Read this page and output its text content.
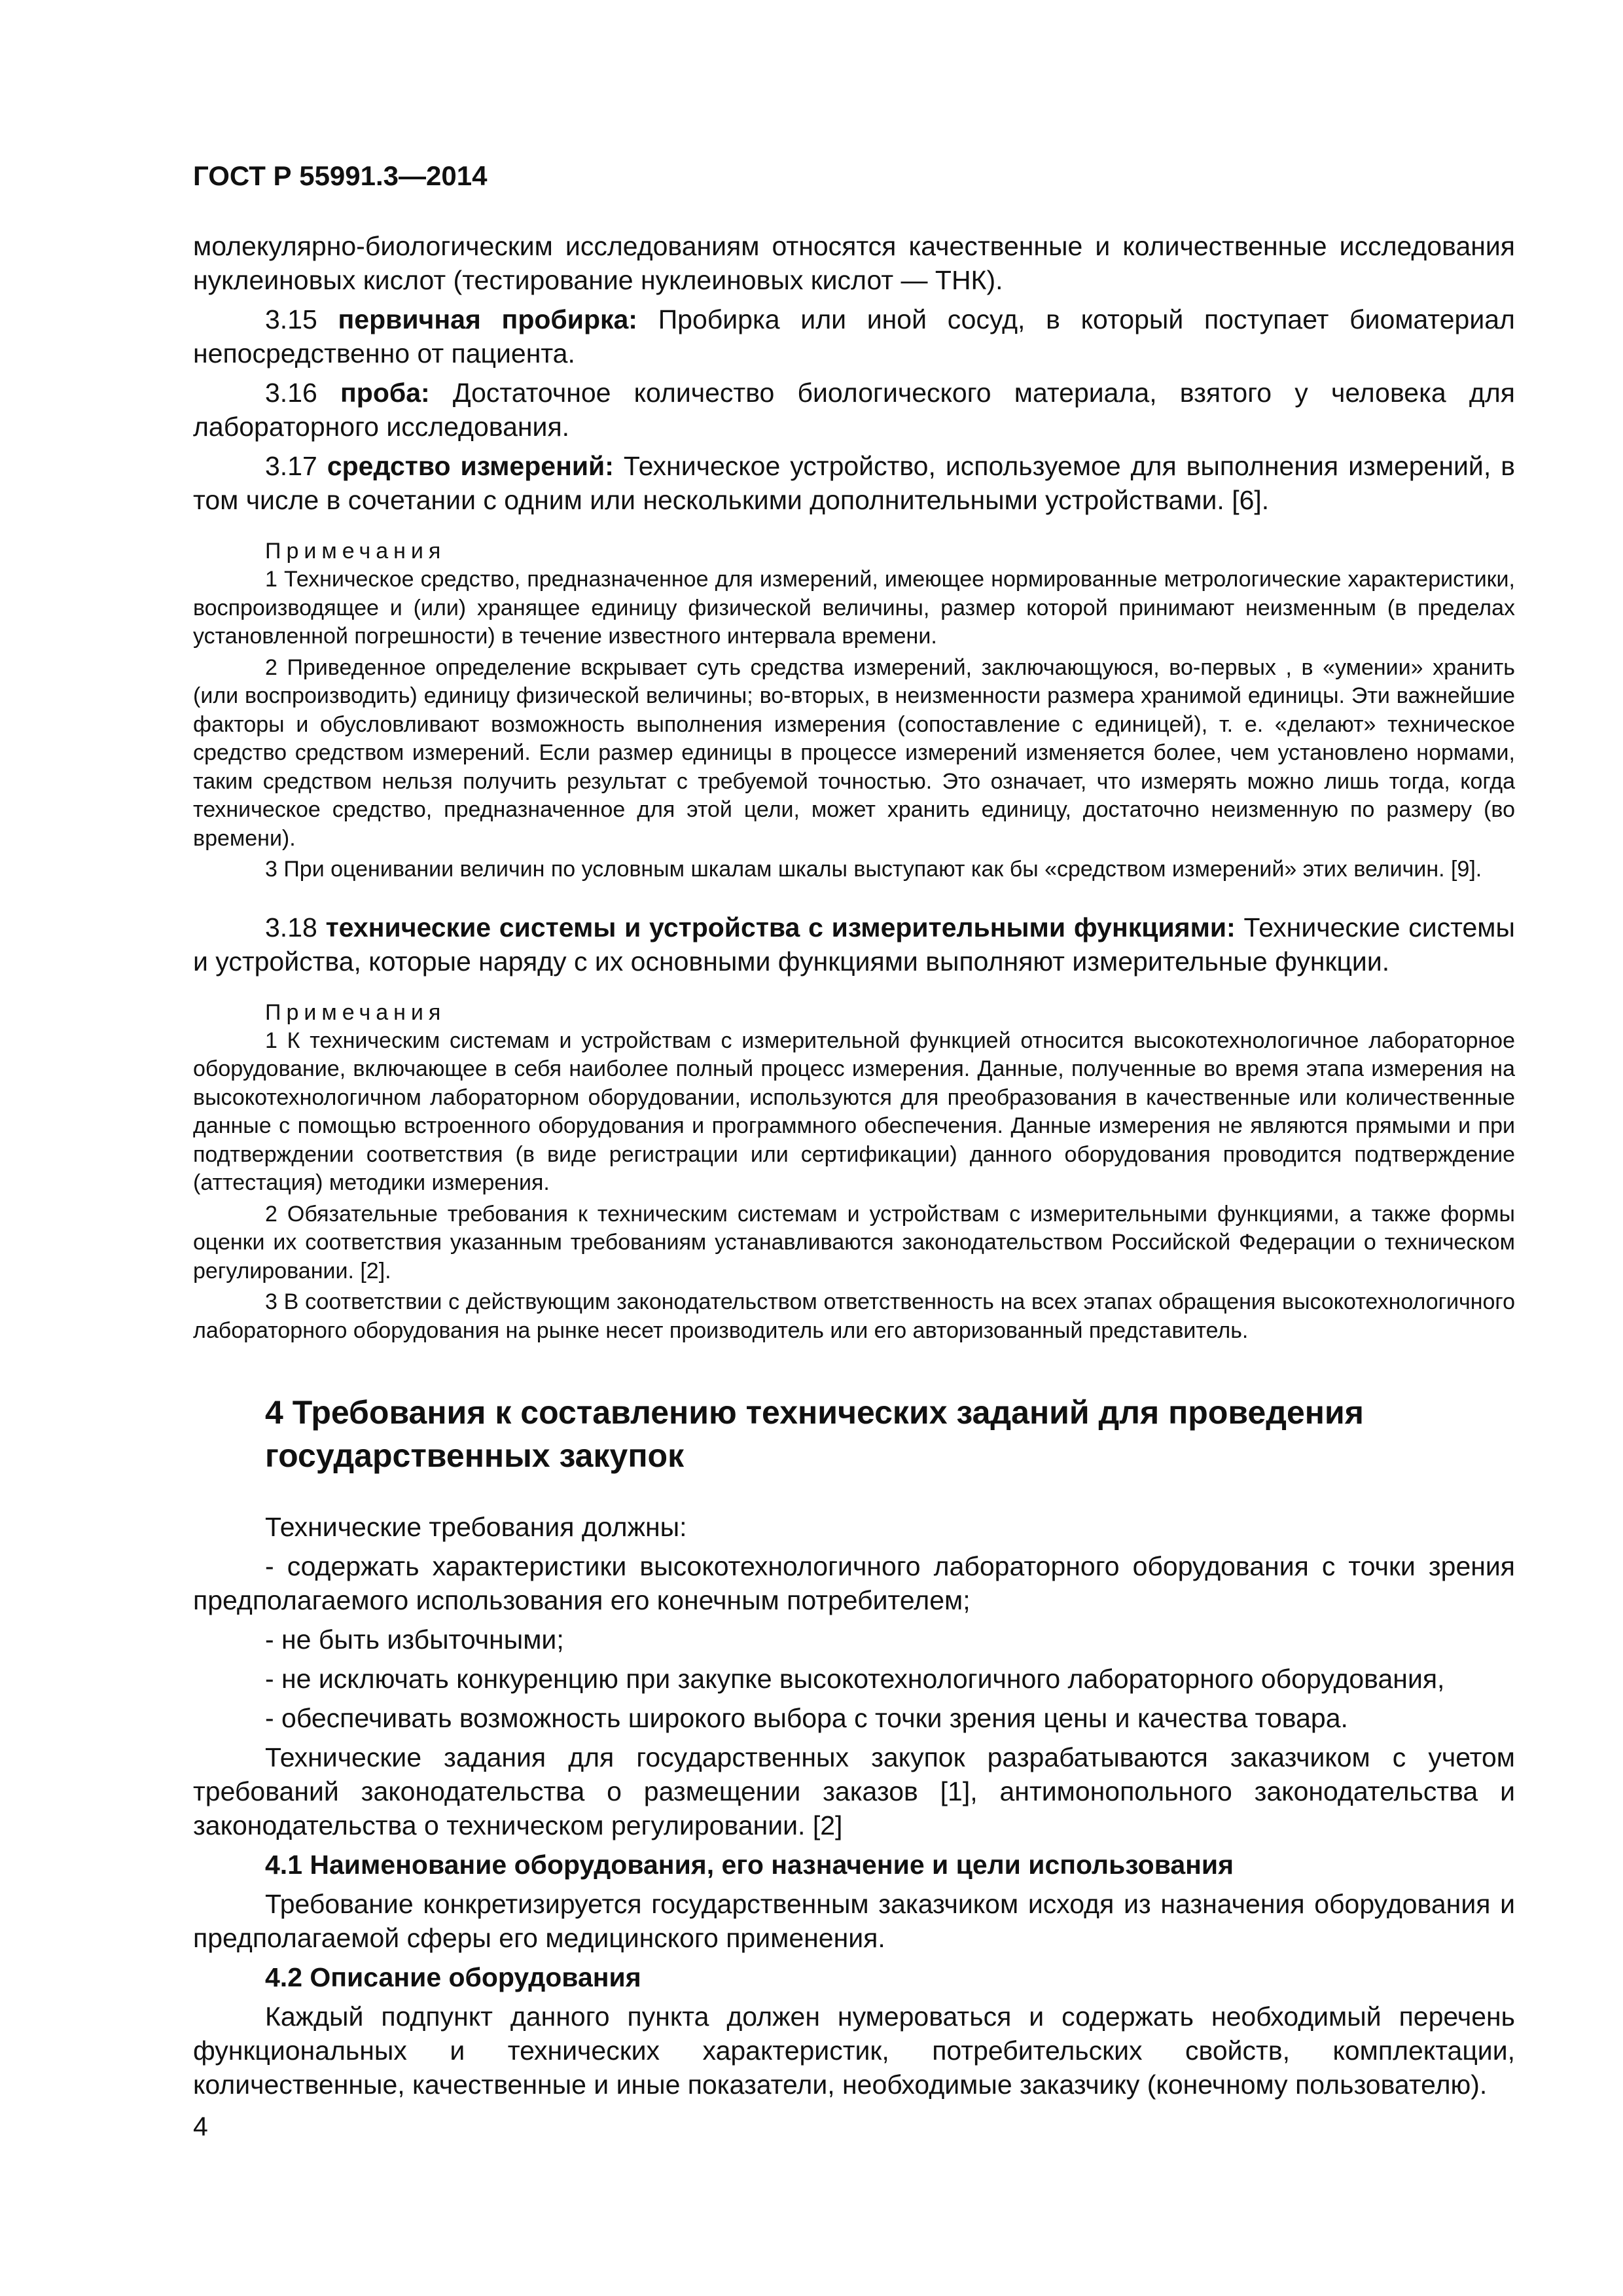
ГОСТ Р 55991.3—2014

молекулярно-биологическим исследованиям относятся качественные и количественные исследования нуклеиновых кислот (тестирование нуклеиновых кислот — ТНК).

3.15 первичная пробирка: Пробирка или иной сосуд, в который поступает биоматериал непосредственно от пациента.

3.16 проба: Достаточное количество биологического материала, взятого у человека для лабораторного исследования.

3.17 средство измерений: Техническое устройство, используемое для выполнения измерений, в том числе в сочетании с одним или несколькими дополнительными устройствами. [6].

Примечания

1 Техническое средство, предназначенное для измерений, имеющее нормированные метрологические характеристики, воспроизводящее и (или) хранящее единицу физической величины, размер которой принимают неизменным (в пределах установленной погрешности) в течение известного интервала времени.

2 Приведенное определение вскрывает суть средства измерений, заключающуюся, во-первых , в «умении» хранить (или воспроизводить) единицу физической величины; во-вторых, в неизменности размера хранимой единицы. Эти важнейшие факторы и обусловливают возможность выполнения измерения (сопоставление с единицей), т. е. «делают» техническое средство средством измерений. Если размер единицы в процессе измерений изменяется более, чем установлено нормами, таким средством нельзя получить результат с требуемой точностью. Это означает, что измерять можно лишь тогда, когда техническое средство, предназначенное для этой цели, может хранить единицу, достаточно неизменную по размеру (во времени).

3 При оценивании величин по условным шкалам шкалы выступают как бы «средством измерений» этих величин. [9].

3.18 технические системы и устройства с измерительными функциями: Технические системы и устройства, которые наряду с их основными функциями выполняют измерительные функции.

Примечания

1 К техническим системам и устройствам с измерительной функцией относится высокотехнологичное лабораторное оборудование, включающее в себя наиболее полный процесс измерения. Данные, полученные во время этапа измерения на высокотехнологичном лабораторном оборудовании, используются для преобразования в качественные или количественные данные с помощью встроенного оборудования и программного обеспечения. Данные измерения не являются прямыми и при подтверждении соответствия (в виде регистрации или сертификации) данного оборудования проводится подтверждение (аттестация) методики измерения.

2 Обязательные требования к техническим системам и устройствам с измерительными функциями, а также формы оценки их соответствия указанным требованиям устанавливаются законодательством Российской Федерации о техническом регулировании. [2].

3 В соответствии с действующим законодательством ответственность на всех этапах обращения высокотехнологичного лабораторного оборудования на рынке несет производитель или его авторизованный представитель.

4 Требования к составлению технических заданий для проведения государственных закупок

Технические требования должны:

- содержать характеристики высокотехнологичного лабораторного оборудования с точки зрения предполагаемого использования его конечным потребителем;

- не быть избыточными;

- не исключать конкуренцию при закупке высокотехнологичного лабораторного оборудования,

- обеспечивать возможность широкого выбора с точки зрения цены и качества товара.

Технические задания для государственных закупок разрабатываются заказчиком с учетом требований законодательства о размещении заказов [1], антимонопольного законодательства и законодательства о техническом регулировании. [2]

4.1 Наименование оборудования, его назначение и цели использования

Требование конкретизируется государственным заказчиком исходя из назначения оборудования и предполагаемой сферы его медицинского применения.

4.2 Описание оборудования

Каждый подпункт данного пункта должен нумероваться и содержать необходимый перечень функциональных и технических характеристик, потребительских свойств, комплектации, количественные, качественные и иные показатели, необходимые заказчику (конечному пользователю).

4
